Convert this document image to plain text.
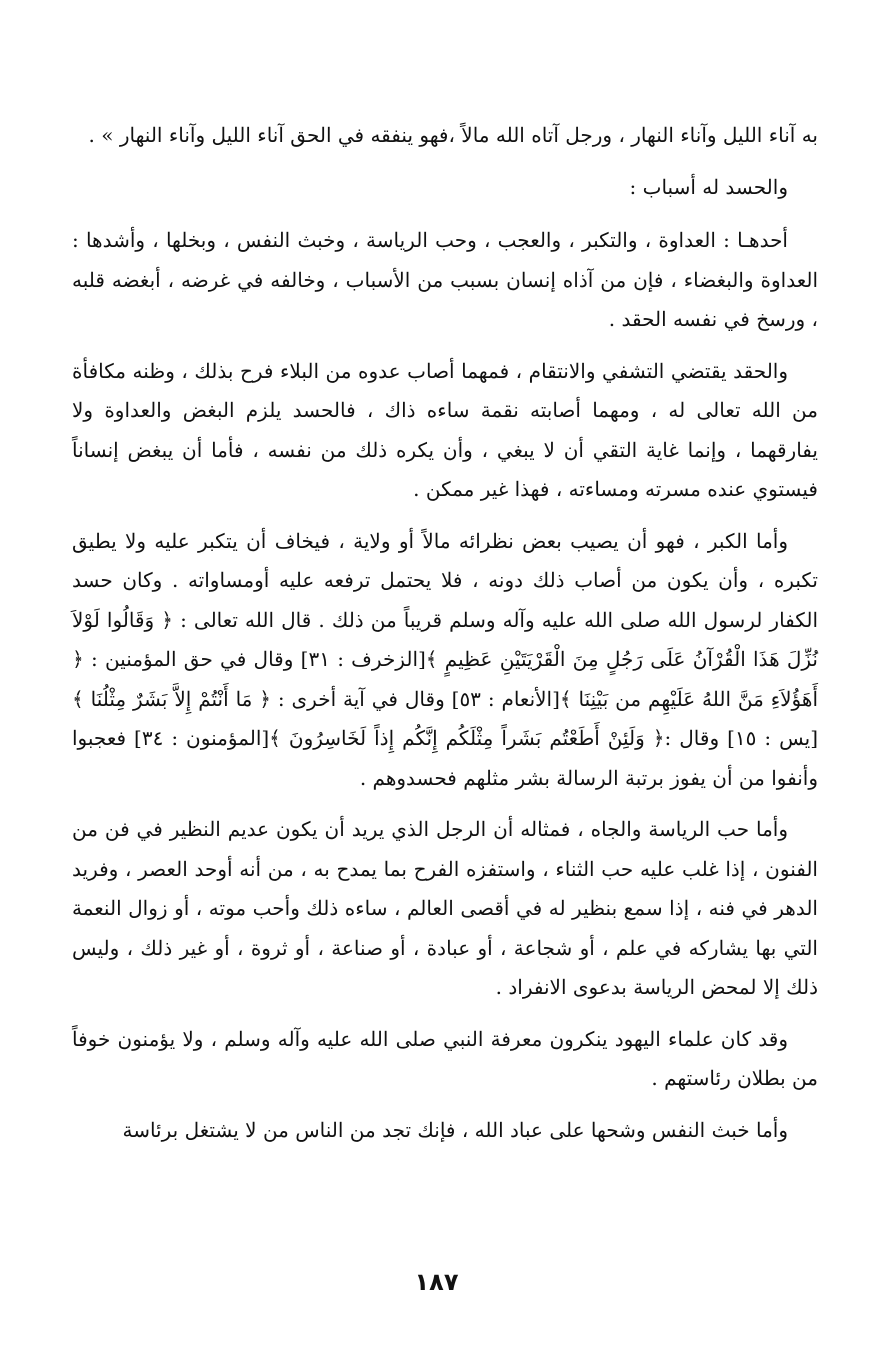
به آناء الليل وآناء النهار ، ورجل آتاه الله مالاً ،فهو ينفقه في الحق آناء الليل وآناء النهار » .

والحسد له أسباب :

أحدهـا : العداوة ، والتكبر ، والعجب ، وحب الرياسة ، وخبث النفس ، وبخلها ، وأشدها : العداوة والبغضاء ، فإن من آذاه إنسان بسبب من الأسباب ، وخالفه في غرضه ، أبغضه قلبه ، ورسخ في نفسه الحقد .

والحقد يقتضي التشفي والانتقام ، فمهما أصاب عدوه من البلاء فرح بذلك ، وظنه مكافأة من الله تعالى له ، ومهما أصابته نقمة ساءه ذاك ، فالحسد يلزم البغض والعداوة ولا يفارقهما ، وإنما غاية التقي أن لا يبغي ، وأن يكره ذلك من نفسه ، فأما أن يبغض إنساناً فيستوي عنده مسرته ومساءته ، فهذا غير ممكن .

وأما الكبر ، فهو أن يصيب بعض نظرائه مالاً أو ولاية ، فيخاف أن يتكبر عليه ولا يطيق تكبره ، وأن يكون من أصاب ذلك دونه ، فلا يحتمل ترفعه عليه أومساواته . وكان حسد الكفار لرسول الله صلى الله عليه وآله وسلم قريباً من ذلك . قال الله تعالى : ﴿ وَقَالُوا لَوْلاَ نُزِّلَ هَذَا الْقُرْآنُ عَلَى رَجُلٍ مِنَ الْقَرْيَتَيْنِ عَظِيمٍ ﴾[الزخرف : ٣١] وقال في حق المؤمنين : ﴿ أَهَؤُلاَءِ مَنَّ اللهُ عَلَيْهِم من بَيْنِنَا ﴾[الأنعام : ٥٣] وقال في آية أخرى : ﴿ مَا أَنْتُمْ إِلاَّ بَشَرٌ مِثْلُنَا ﴾[يس : ١٥] وقال :﴿ وَلَئِنْ أَطَعْتُم بَشَراً مِثْلَكُم إِنَّكُم إِذاً لَخَاسِرُونَ ﴾[المؤمنون : ٣٤] فعجبوا وأنفوا من أن يفوز برتبة الرسالة بشر مثلهم فحسدوهم .

وأما حب الرياسة والجاه ، فمثاله أن الرجل الذي يريد أن يكون عديم النظير في فن من الفنون ، إذا غلب عليه حب الثناء ، واستفزه الفرح بما يمدح به ، من أنه أوحد العصر ، وفريد الدهر في فنه ، إذا سمع بنظير له في أقصى العالم ، ساءه ذلك وأحب موته ، أو زوال النعمة التي بها يشاركه في علم ، أو شجاعة ، أو عبادة ، أو صناعة ، أو ثروة ، أو غير ذلك ، وليس ذلك إلا لمحض الرياسة بدعوى الانفراد .

وقد كان علماء اليهود ينكرون معرفة النبي صلى الله عليه وآله وسلم ، ولا يؤمنون خوفاً من بطلان رئاستهم .

وأما خبث النفس وشحها على عباد الله ، فإنك تجد من الناس من لا يشتغل برئاسة

١٨٧
